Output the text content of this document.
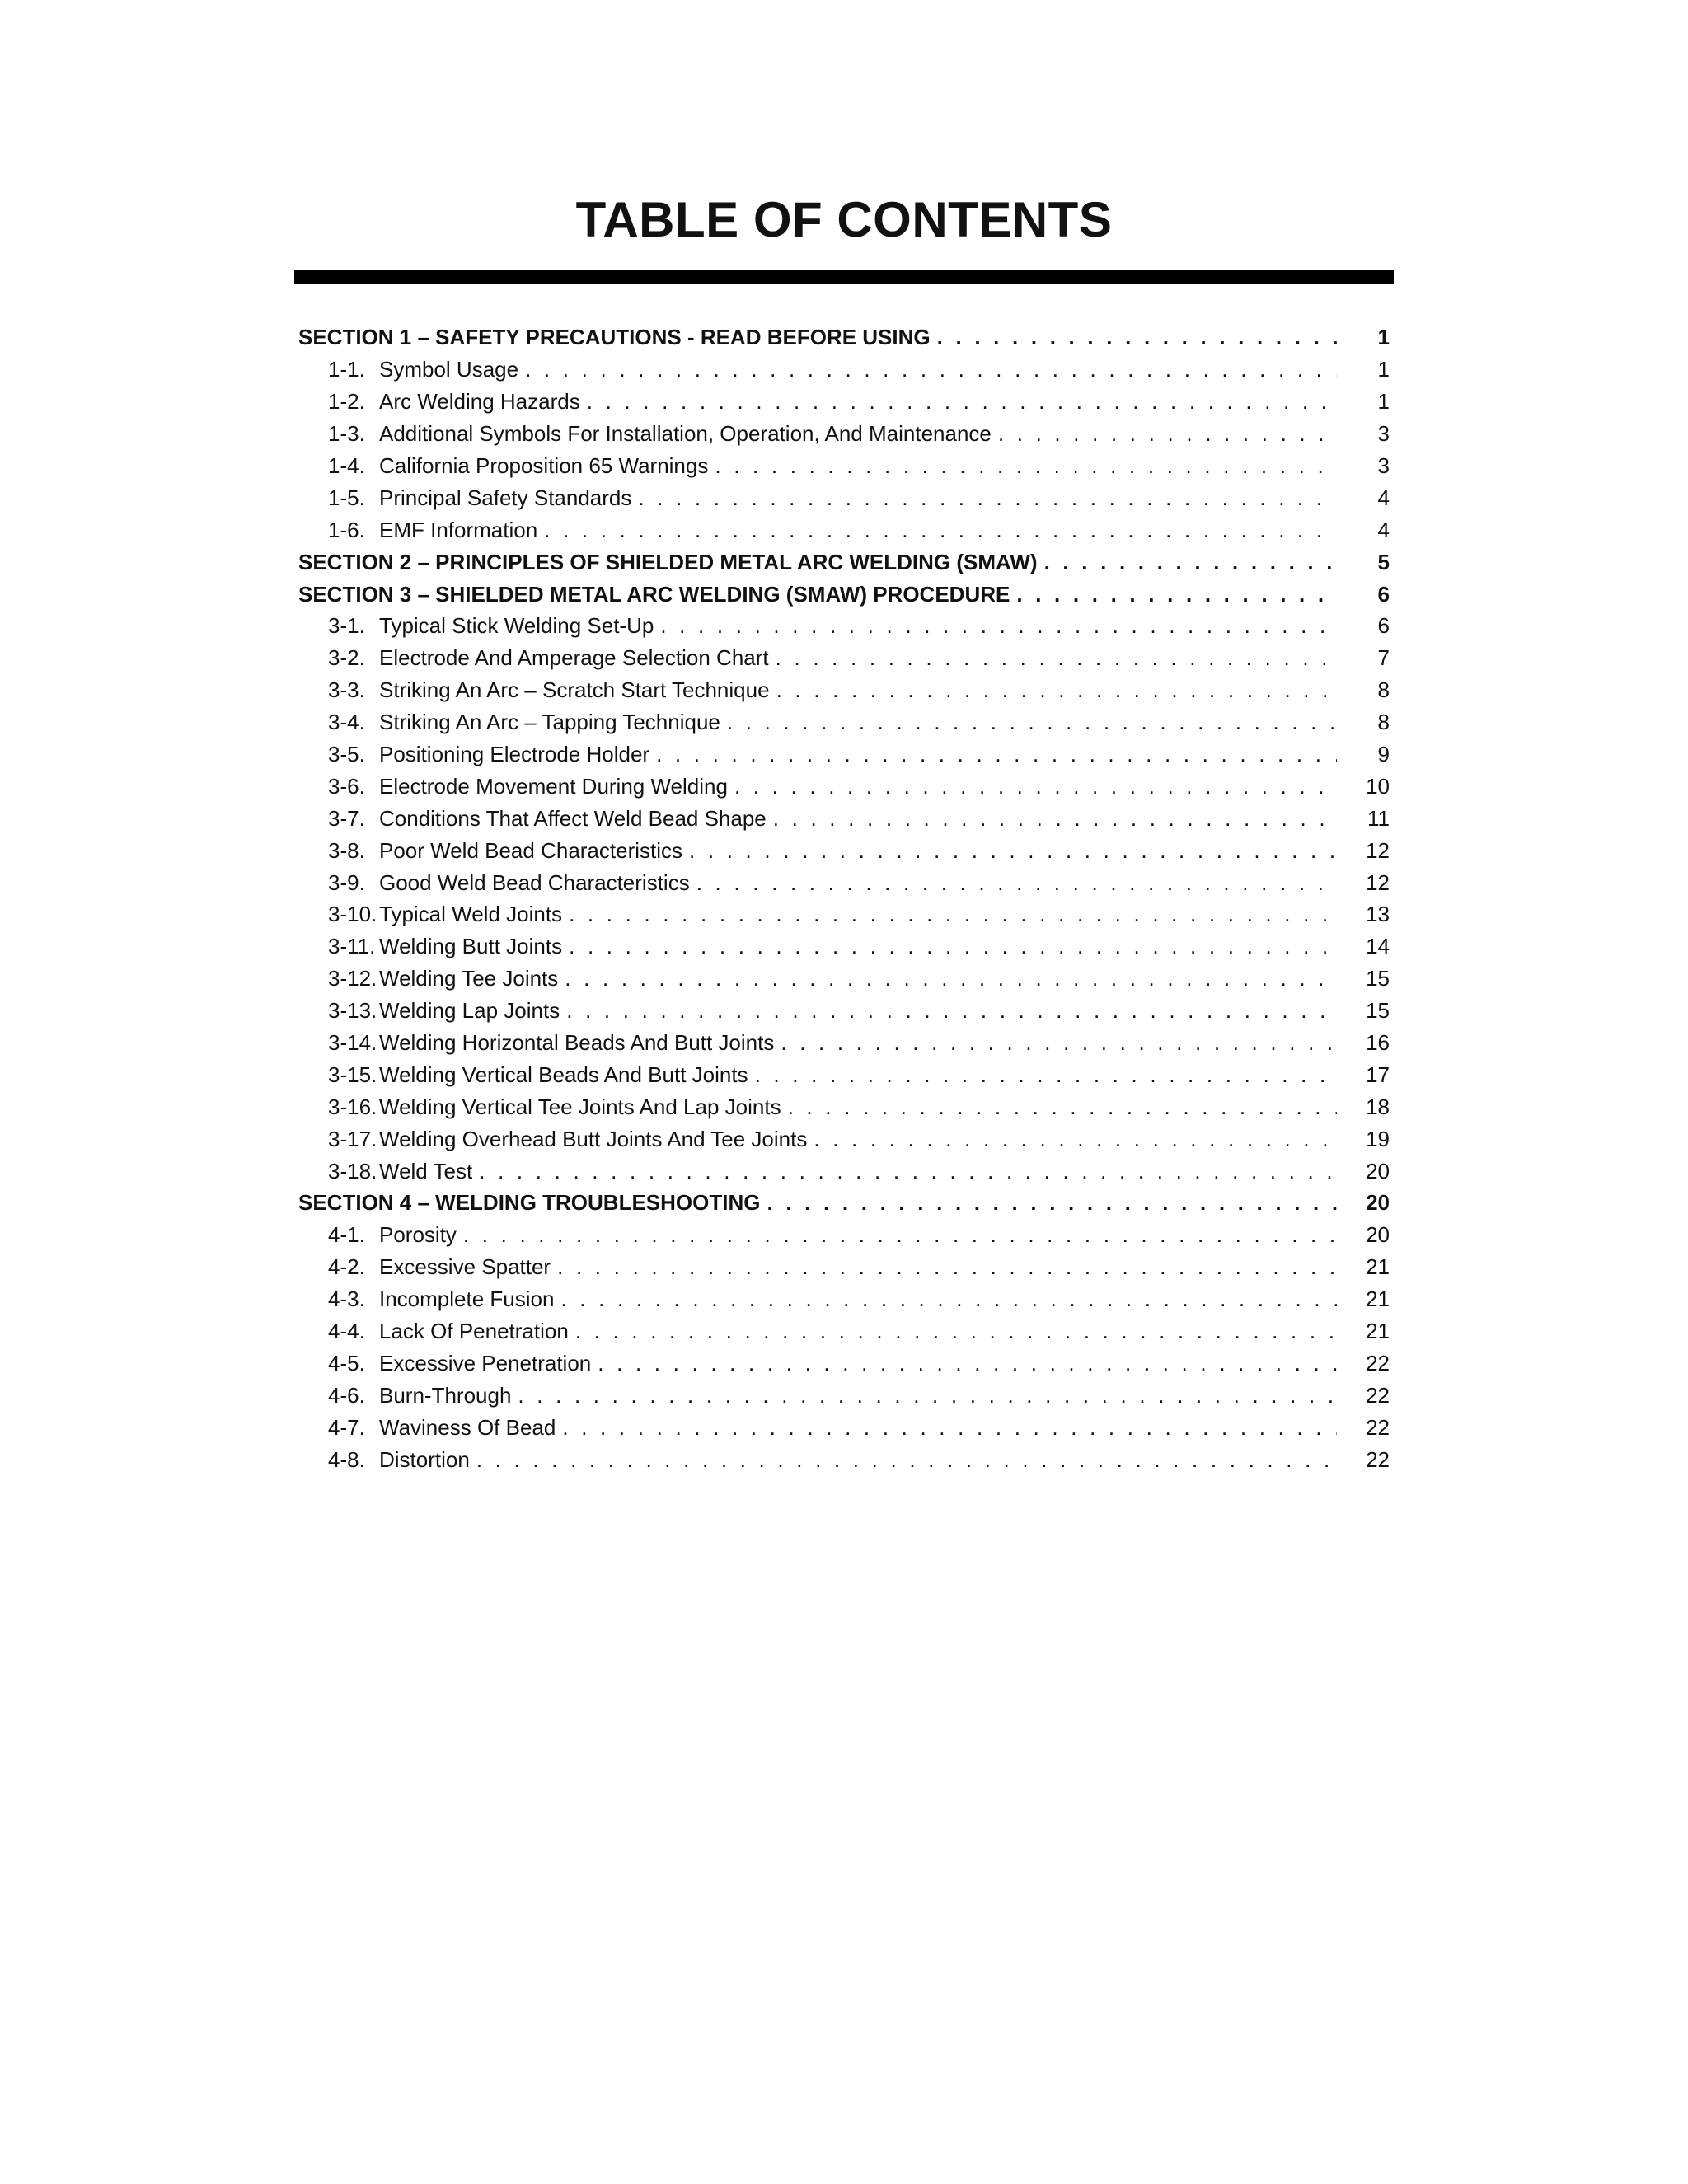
TABLE OF CONTENTS
SECTION 1 – SAFETY PRECAUTIONS - READ BEFORE USING . . .	1
1-1. Symbol Usage . . .	1
1-2. Arc Welding Hazards . . .	1
1-3. Additional Symbols For Installation, Operation, And Maintenance . . .	3
1-4. California Proposition 65 Warnings . . .	3
1-5. Principal Safety Standards . . .	4
1-6. EMF Information . . .	4
SECTION 2 – PRINCIPLES OF SHIELDED METAL ARC WELDING (SMAW) . . .	5
SECTION 3 – SHIELDED METAL ARC WELDING (SMAW) PROCEDURE . . .	6
3-1. Typical Stick Welding Set-Up . . .	6
3-2. Electrode And Amperage Selection Chart . . .	7
3-3. Striking An Arc – Scratch Start Technique . . .	8
3-4. Striking An Arc – Tapping Technique . . .	8
3-5. Positioning Electrode Holder . . .	9
3-6. Electrode Movement During Welding . . .	10
3-7. Conditions That Affect Weld Bead Shape . . .	11
3-8. Poor Weld Bead Characteristics . . .	12
3-9. Good Weld Bead Characteristics . . .	12
3-10. Typical Weld Joints . . .	13
3-11. Welding Butt Joints . . .	14
3-12. Welding Tee Joints . . .	15
3-13. Welding Lap Joints . . .	15
3-14. Welding Horizontal Beads And Butt Joints . . .	16
3-15. Welding Vertical Beads And Butt Joints . . .	17
3-16. Welding Vertical Tee Joints And Lap Joints . . .	18
3-17. Welding Overhead Butt Joints And Tee Joints . . .	19
3-18. Weld Test . . .	20
SECTION 4 – WELDING TROUBLESHOOTING . . .	20
4-1. Porosity . . .	20
4-2. Excessive Spatter . . .	21
4-3. Incomplete Fusion . . .	21
4-4. Lack Of Penetration . . .	21
4-5. Excessive Penetration . . .	22
4-6. Burn-Through . . .	22
4-7. Waviness Of Bead . . .	22
4-8. Distortion . . .	22
